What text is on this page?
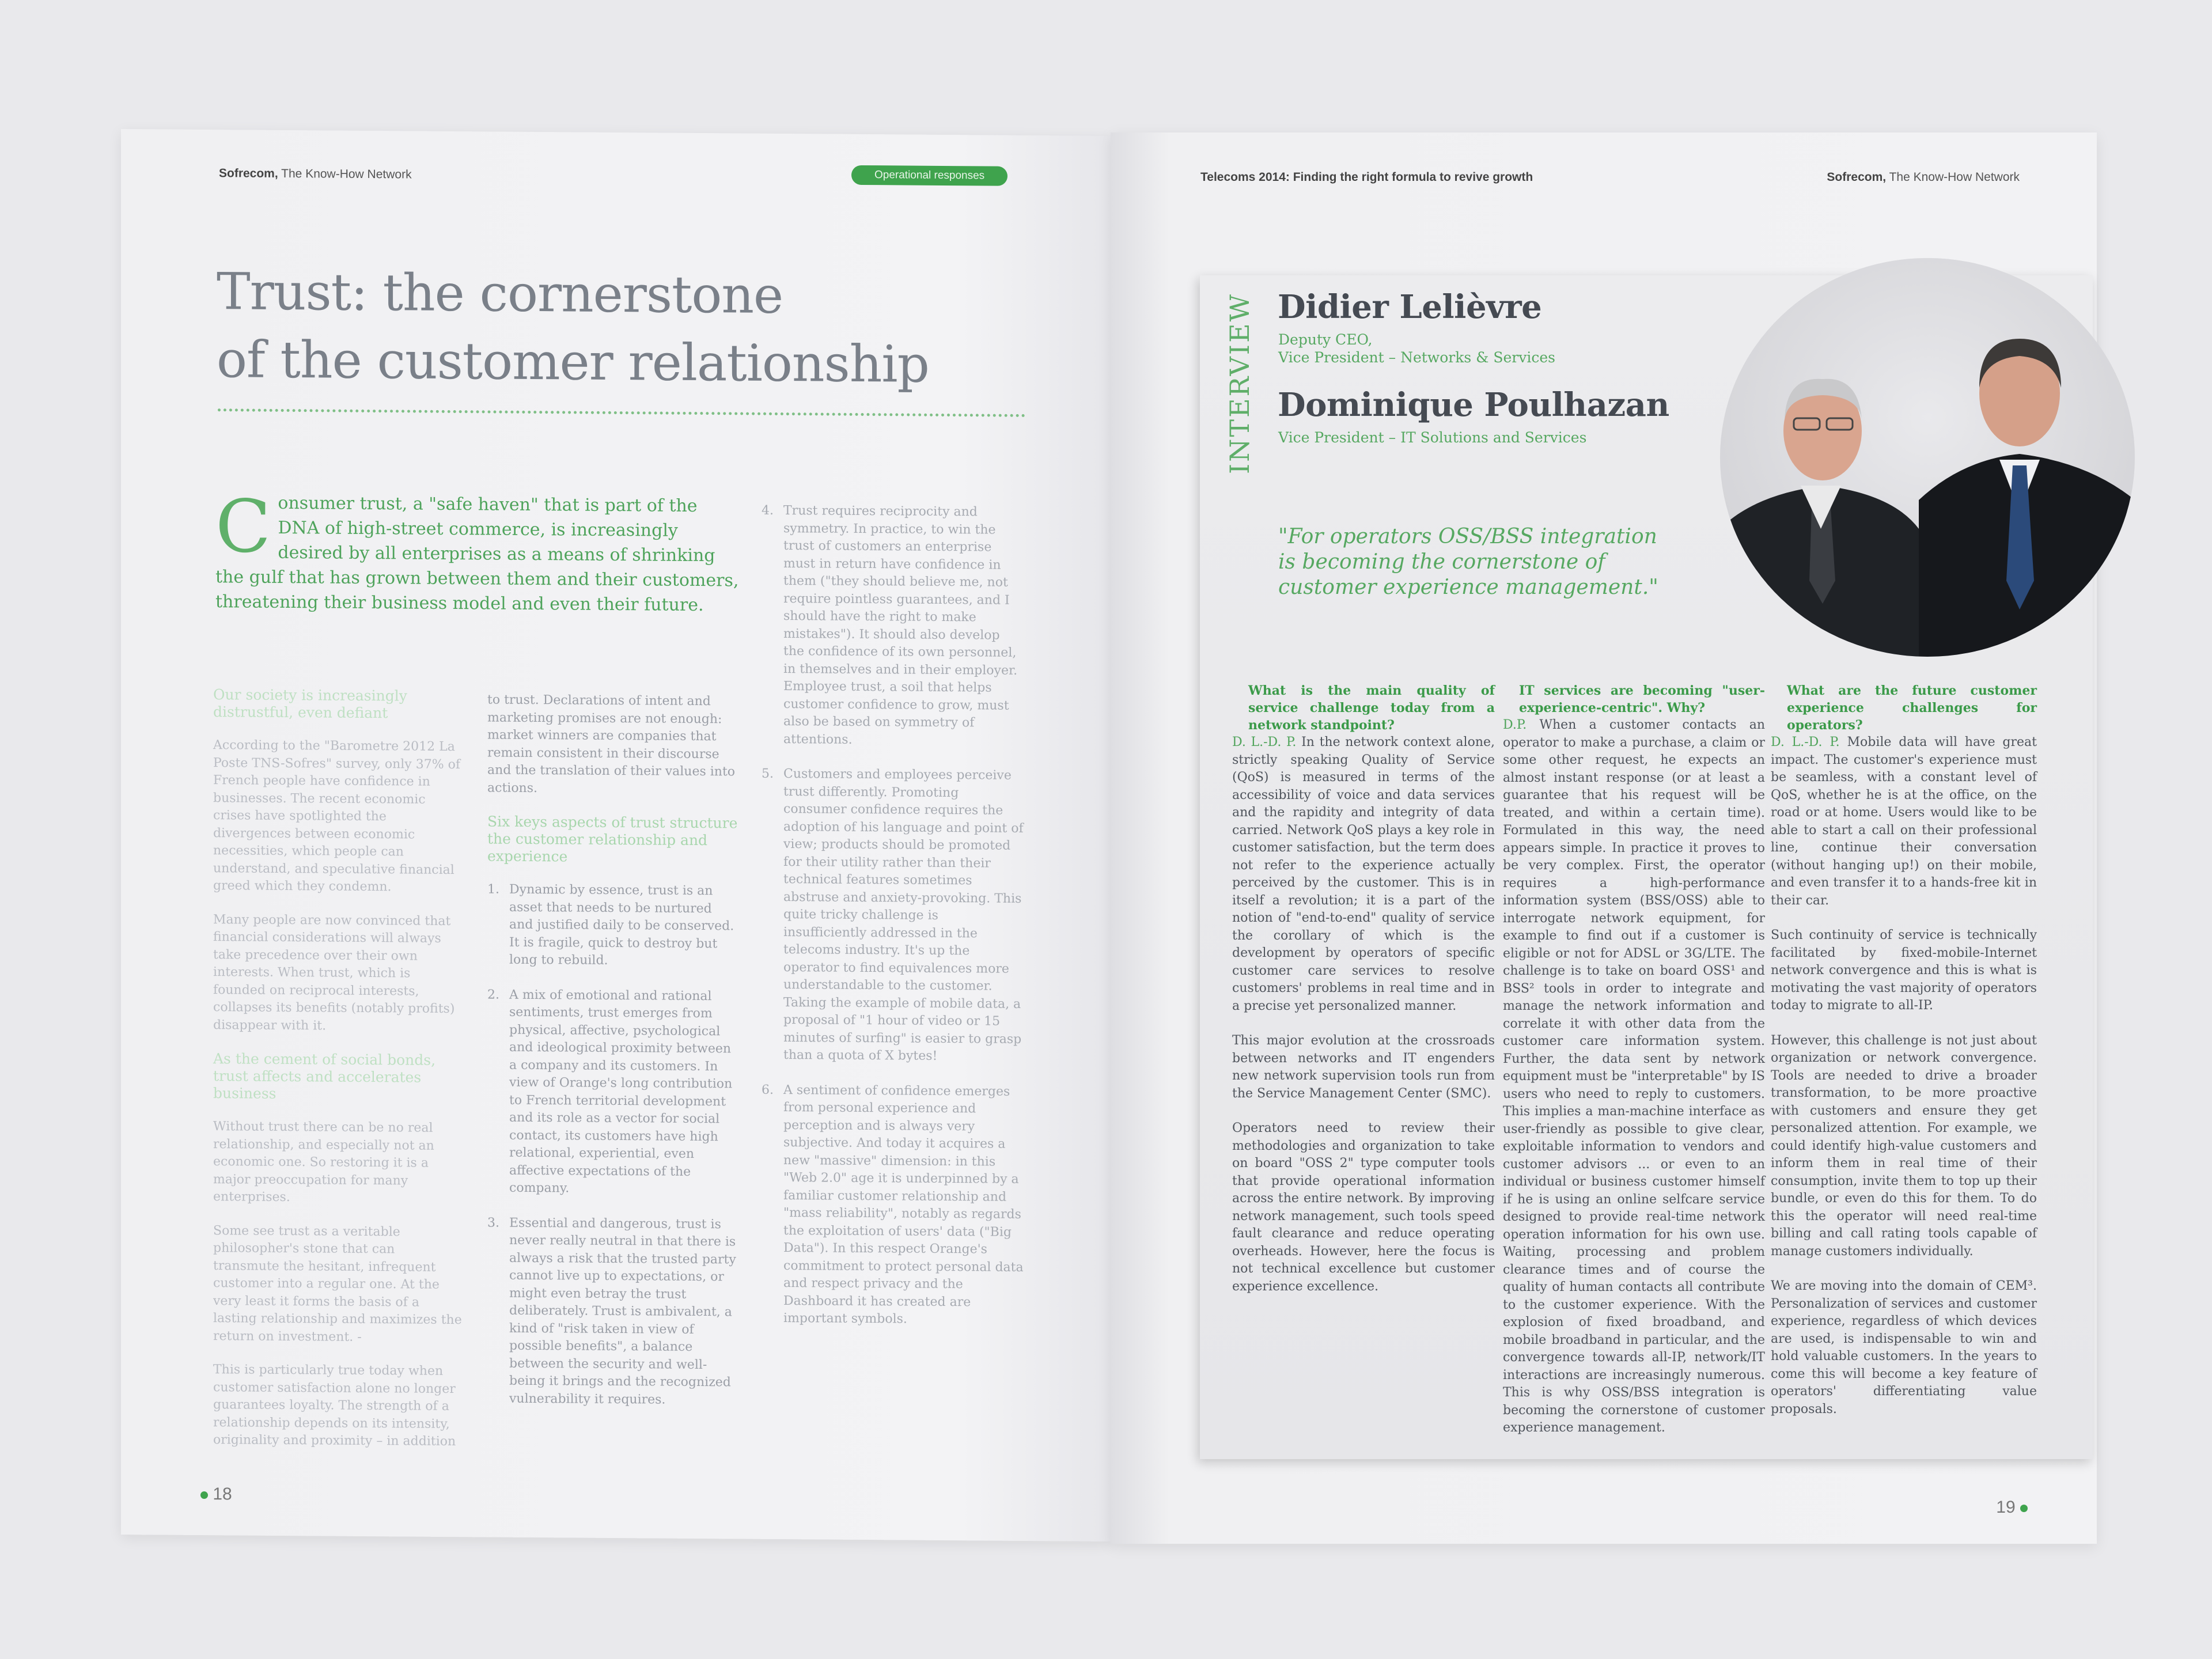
Sofrecom, The Know-How Network	Operational responses
Trust: the cornerstone
of the customer relationship
Consumer trust, a "safe haven" that is part of the DNA of high-street commerce, is increasingly desired by all enterprises as a means of shrinking the gulf that has grown between them and their customers, threatening their business model and even their future.
Our society is increasingly distrustful, even defiant

According to the "Barometre 2012 La Poste TNS-Sofres" survey, only 37% of French people have confidence in businesses. The recent economic crises have spotlighted the divergences between economic necessities, which people can understand, and speculative financial greed which they condemn.

Many people are now convinced that financial considerations will always take precedence over their own interests. When trust, which is founded on reciprocal interests, collapses its benefits (notably profits) disappear with it.

As the cement of social bonds, trust affects and accelerates business

Without trust there can be no real relationship, and especially not an economic one. So restoring it is a major preoccupation for many enterprises.

Some see trust as a veritable philosopher's stone that can transmute the hesitant, infrequent customer into a regular one. At the very least it forms the basis of a lasting relationship and maximizes the return on investment. -

This is particularly true today when customer satisfaction alone no longer guarantees loyalty. The strength of a relationship depends on its intensity, originality and proximity – in addition

to trust. Declarations of intent and marketing promises are not enough: market winners are companies that remain consistent in their discourse and the translation of their values into actions.

Six keys aspects of trust structure the customer relationship and experience
1. Dynamic by essence, trust is an asset that needs to be nurtured and justified daily to be conserved. It is fragile, quick to destroy but long to rebuild.
2. A mix of emotional and rational sentiments, trust emerges from physical, affective, psychological and ideological proximity between a company and its customers. In view of Orange's long contribution to French territorial development and its role as a vector for social contact, its customers have high relational, experiential, even affective expectations of the company.
3. Essential and dangerous, trust is never really neutral in that there is always a risk that the trusted party cannot live up to expectations, or might even betray the trust deliberately. Trust is ambivalent, a kind of "risk taken in view of possible benefits", a balance between the security and well-being it brings and the recognized vulnerability it requires.
4. Trust requires reciprocity and symmetry. In practice, to win the trust of customers an enterprise must in return have confidence in them ("they should believe me, not require pointless guarantees, and I should have the right to make mistakes"). It should also develop the confidence of its own personnel, in themselves and in their employer. Employee trust, a soil that helps customer confidence to grow, must also be based on symmetry of attentions.
5. Customers and employees perceive trust differently. Promoting consumer confidence requires the adoption of his language and point of view; products should be promoted for their utility rather than their technical features sometimes abstruse and anxiety-provoking. This quite tricky challenge is insufficiently addressed in the telecoms industry. It's up the operator to find equivalences more understandable to the customer. Taking the example of mobile data, a proposal of "1 hour of video or 15 minutes of surfing" is easier to grasp than a quota of X bytes!
6. A sentiment of confidence emerges from personal experience and perception and is always very subjective. And today it acquires a new "massive" dimension: in this "Web 2.0" age it is underpinned by a familiar customer relationship and "mass reliability", notably as regards the exploitation of users' data ("Big Data"). In this respect Orange's commitment to protect personal data and respect privacy and the Dashboard it has created are important symbols.
18
Telecoms 2014: Finding the right formula to revive growth	Sofrecom, The Know-How Network
19
INTERVIEW Didier Lelièvre
Deputy CEO,
Vice President – Networks & Services
Dominique Poulhazan
Vice President – IT Solutions and Services
"For operators OSS/BSS integration is becoming the cornerstone of customer experience management."
What is the main quality of service challenge today from a network standpoint?

D. L.-D. P. In the network context alone, strictly speaking Quality of Service (QoS) is measured in terms of the accessibility of voice and data services and the rapidity and integrity of data carried. Network QoS plays a key role in customer satisfaction, but the term does not refer to the experience actually perceived by the customer. This is in itself a revolution; it is a part of the notion of "end-to-end" quality of service the corollary of which is the development by operators of specific customer care services to resolve customers' problems in real time and in a precise yet personalized manner.

This major evolution at the crossroads between networks and IT engenders new network supervision tools run from the Service Management Center (SMC).

Operators need to review their methodologies and organization to take on board "OSS 2" type computer tools that provide operational information across the entire network. By improving network management, such tools speed fault clearance and reduce operating overheads. However, here the focus is not technical excellence but customer experience excellence.

IT services are becoming "user-experience-centric". Why?

D.P. When a customer contacts an operator to make a purchase, a claim or some other request, he expects an almost instant response (or at least a guarantee that his request will be treated, and within a certain time). Formulated in this way, the need appears simple. In practice it proves to be very complex. First, the operator requires a high-performance information system (BSS/OSS) able to interrogate network equipment, for example to find out if a customer is eligible or not for ADSL or 3G/LTE. The challenge is to take on board OSS¹ and BSS² tools in order to integrate and manage the network information and correlate it with other data from the customer care information system. Further, the data sent by network equipment must be "interpretable" by IS users who need to reply to customers. This implies a man-machine interface as user-friendly as possible to give clear, exploitable information to vendors and customer advisors ... or even to an individual or business customer himself if he is using an online selfcare service designed to provide real-time network operation information for his own use. Waiting, processing and problem clearance times and of course the quality of human contacts all contribute to the customer experience. With the explosion of fixed broadband, and mobile broadband in particular, and the convergence towards all-IP, network/IT interactions are increasingly numerous. This is why OSS/BSS integration is becoming the cornerstone of customer experience management.

What are the future customer experience challenges for operators?

D. L.-D. P. Mobile data will have great impact. The customer's experience must be seamless, with a constant level of QoS, whether he is at the office, on the road or at home. Users would like to be able to start a call on their professional line, continue their conversation (without hanging up!) on their mobile, and even transfer it to a hands-free kit in their car.

Such continuity of service is technically facilitated by fixed-mobile-Internet network convergence and this is what is motivating the vast majority of operators today to migrate to all-IP.

However, this challenge is not just about organization or network convergence. Tools are needed to drive a broader transformation, to be more proactive with customers and ensure they get personalized attention. For example, we could identify high-value customers and inform them in real time of their consumption, invite them to top up their bundle, or even do this for them. To do this the operator will need real-time billing and call rating tools capable of manage customers individually.

We are moving into the domain of CEM³. Personalization of services and customer experience, regardless of which devices are used, is indispensable to win and hold valuable customers. In the years to come this will become a key feature of operators' differentiating value proposals.
